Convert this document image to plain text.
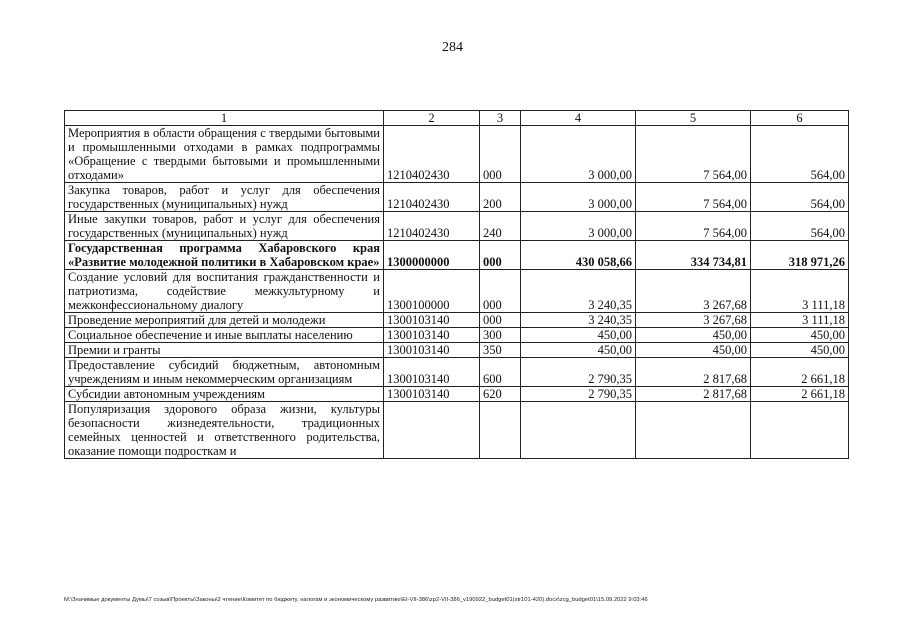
284
1	2	3	4	5	6
Мероприятия в области обращения с твердыми бытовыми и промышленными отходами в рамках подпрограммы «Обращение с твердыми бытовыми и промышленными отходами»	1210402430	000	3 000,00	7 564,00	564,00
Закупка товаров, работ и услуг для обеспечения государственных (муниципальных) нужд	1210402430	200	3 000,00	7 564,00	564,00
Иные закупки товаров, работ и услуг для обеспечения государственных (муниципальных) нужд	1210402430	240	3 000,00	7 564,00	564,00
Государственная программа Хабаровского края «Развитие молодежной политики в Хабаровском крае»	1300000000	000	430 058,66	334 734,81	318 971,26
Создание условий для воспитания гражданственности и патриотизма, содействие межкультурному и межконфессиональному диалогу	1300100000	000	3 240,35	3 267,68	3 111,18
Проведение мероприятий для детей и молодежи	1300103140	000	3 240,35	3 267,68	3 111,18
Социальное обеспечение и иные выплаты населению	1300103140	300	450,00	450,00	450,00
Премии и гранты	1300103140	350	450,00	450,00	450,00
Предоставление субсидий бюджетным, автономным учреждениям и иным некоммерческим организациям	1300103140	600	2 790,35	2 817,68	2 661,18
Субсидии автономным учреждениям	1300103140	620	2 790,35	2 817,68	2 661,18
Популяризация здорового образа жизни, культуры безопасности жизнедеятельности, традиционных семейных ценностей и ответственного родительства, оказание помощи подросткам и					
М:\Значимые документы Думы\7 созыв\Проекты\Законы\2 чтение\Комитет по бюджету, налогам и экономическому развитию\ЕІ-VII-386\zp2-VII-386_v190922_budget01(str101-420).docx\zcg_budget01\15.09.2022 9:03:46
